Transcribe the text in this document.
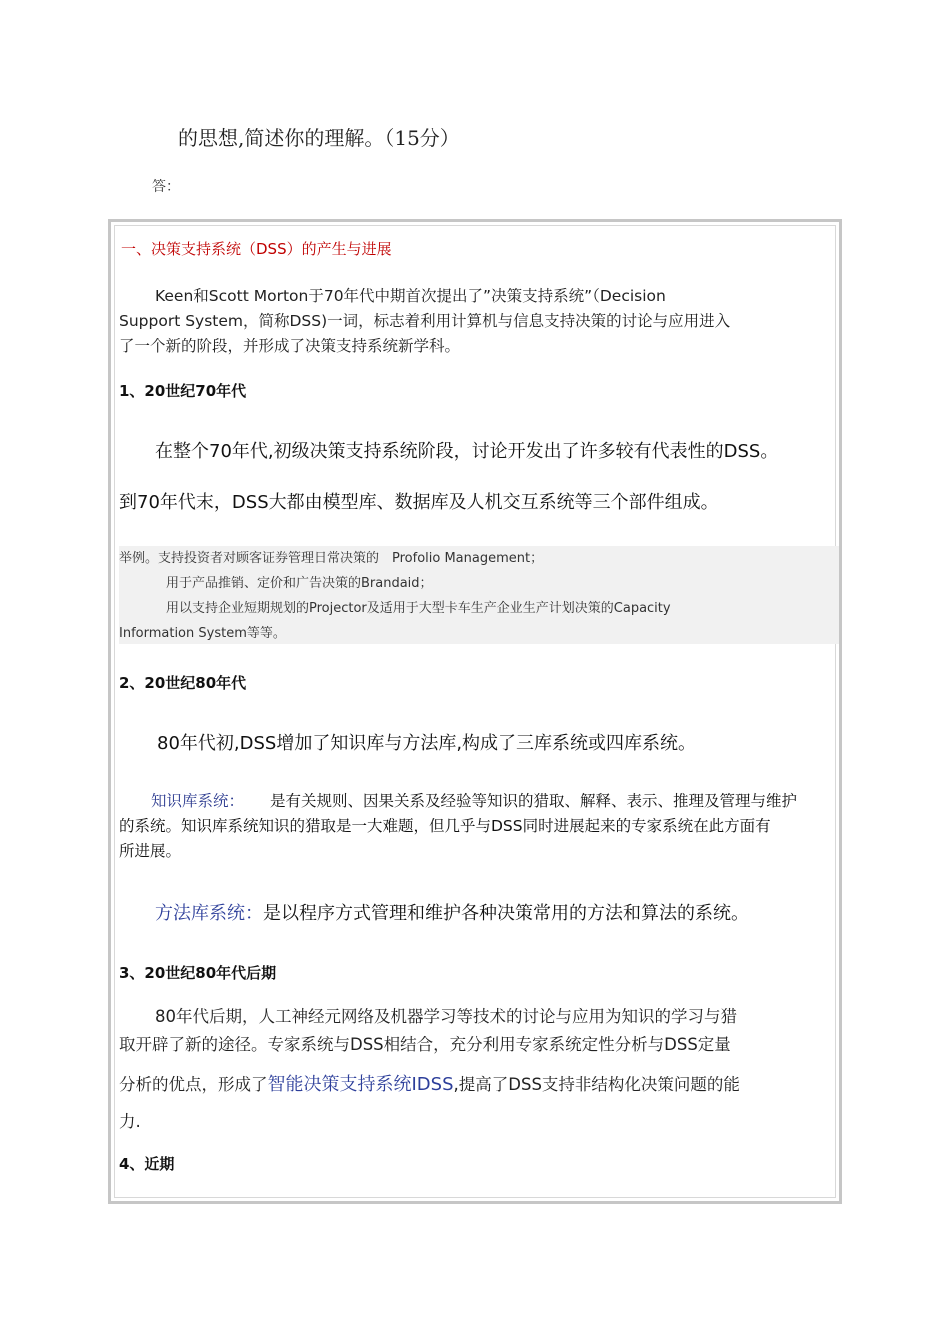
的思想,简述你的理解。（15分）
答：
一、决策支持系统（DSS）的产生与进展
Keen和Scott Morton于70年代中期首次提出了”决策支持系统”（Decision
Support System，简称DSS)一词，标志着利用计算机与信息支持决策的讨论与应用进入
了一个新的阶段，并形成了决策支持系统新学科。
1、20世纪70年代
在整个70年代,初级决策支持系统阶段，讨论开发出了许多较有代表性的DSS。
到70年代末，DSS大都由模型库、数据库及人机交互系统等三个部件组成。
举例。支持投资者对顾客证券管理日常决策的　Profolio Management；
用于产品推销、定价和广告决策的Brandaid；
用以支持企业短期规划的Projector及适用于大型卡车生产企业生产计划决策的Capacity
Information System等等。
2、20世纪80年代
80年代初,DSS增加了知识库与方法库,构成了三库系统或四库系统。
知识库系统： 是有关规则、因果关系及经验等知识的猎取、解释、表示、推理及管理与维护
的系统。知识库系统知识的猎取是一大难题，但几乎与DSS同时进展起来的专家系统在此方面有
所进展。
方法库系统：是以程序方式管理和维护各种决策常用的方法和算法的系统。
3、20世纪80年代后期
80年代后期，人工神经元网络及机器学习等技术的讨论与应用为知识的学习与猎
取开辟了新的途径。专家系统与DSS相结合，充分利用专家系统定性分析与DSS定量
分析的优点，形成了智能决策支持系统IDSS,提高了DSS支持非结构化决策问题的能
力.
4、近期
